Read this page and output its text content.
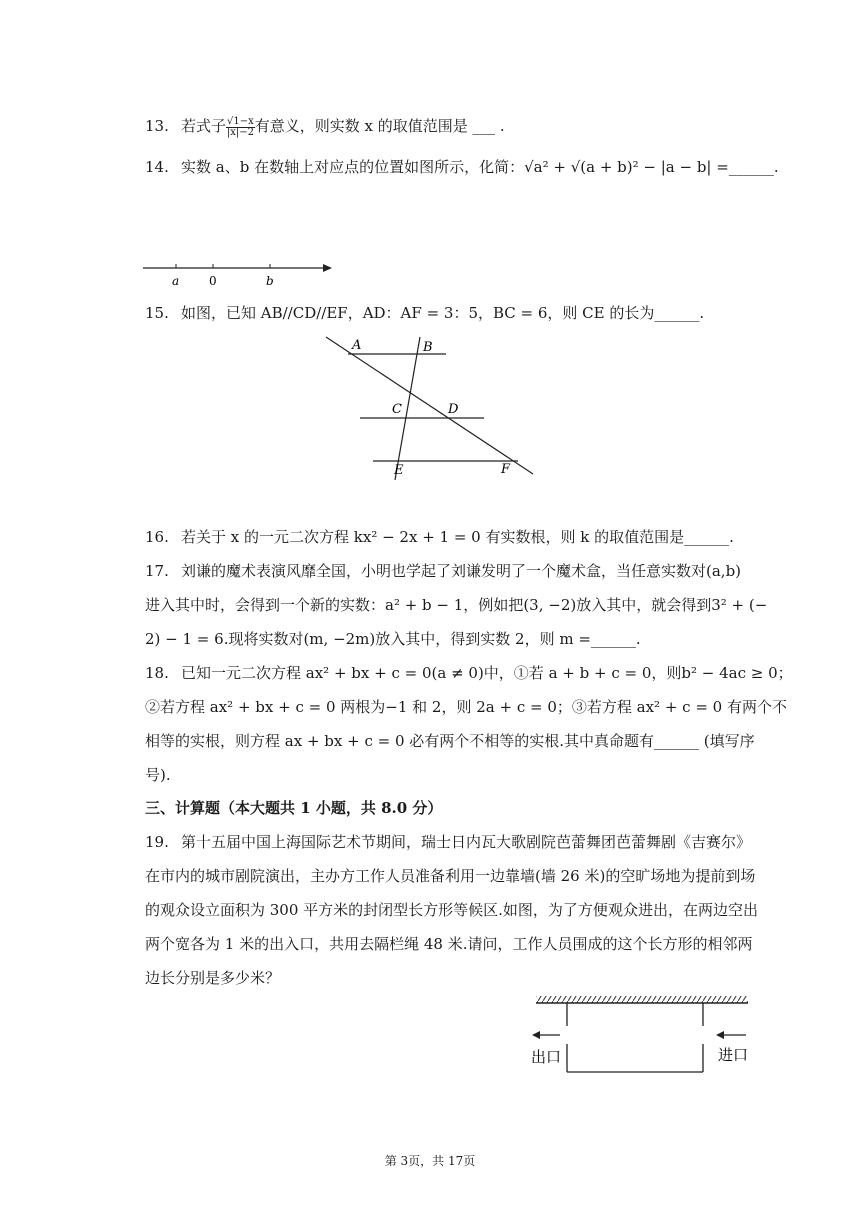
13. 若式子 $\frac{√1-x}{|x|-2}$ 有意义，则实数 x 的取值范围是 ___ .
14. 实数 a、b 在数轴上对应点的位置如图所示，化简：√a² + √(a + b)² − |a − b| =______.
a 0	b
15. 如图，已知 AB//CD//EF，AD：AF = 3：5，BC = 6，则 CE 的长为______.
A	B
C	D
E	F
16. 若关于 x 的一元二次方程 kx² − 2x + 1 = 0 有实数根，则 k 的取值范围是______.
17. 刘谦的魔术表演风靡全国，小明也学起了刘谦发明了一个魔术盒，当任意实数对(a,b)
进入其中时，会得到一个新的实数：a² + b − 1，例如把(3, −2)放入其中，就会得到3² + (−
2) − 1 = 6.现将实数对(m, −2m)放入其中，得到实数 2，则 m =______.
18. 已知一元二次方程 ax² + bx + c = 0(a ≠ 0)中，①若 a + b + c = 0，则b² − 4ac ≥ 0；
②若方程 ax² + bx + c = 0 两根为−1 和 2，则 2a + c = 0；③若方程 ax² + c = 0 有两个不
相等的实根，则方程 ax + bx + c = 0 必有两个不相等的实根.其中真命题有______ (填写序
号).
三、计算题（本大题共 1 小题，共 8.0 分）
19. 第十五届中国上海国际艺术节期间，瑞士日内瓦大歌剧院芭蕾舞团芭蕾舞剧《吉赛尔》
在市内的城市剧院演出，主办方工作人员准备利用一边靠墙(墙 26 米)的空旷场地为提前到场
的观众设立面积为 300 平方米的封闭型长方形等候区.如图，为了方便观众进出，在两边空出
两个宽各为 1 米的出入口，共用去隔栏绳 48 米.请问，工作人员围成的这个长方形的相邻两
边长分别是多少米？
出口	进口
第 3页，共 17页
